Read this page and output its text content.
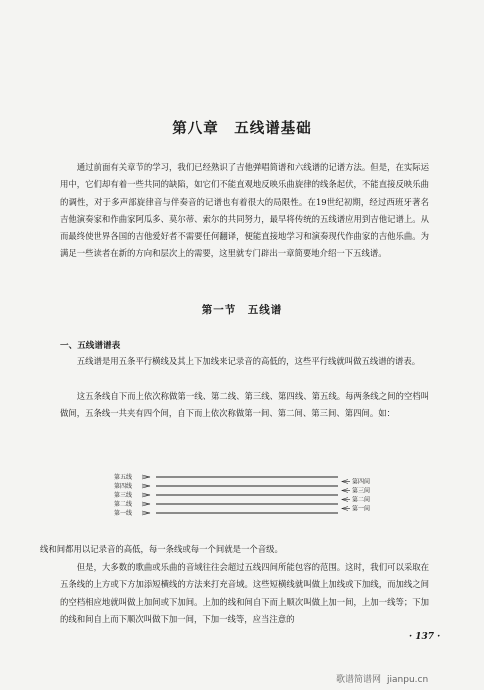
第八章　五线谱基础

通过前面有关章节的学习，我们已经熟识了吉他弹唱简谱和六线谱的记谱方法。但是，在实际运用中，它们却有着一些共同的缺陷，如它们不能直观地反映乐曲旋律的线条起伏，不能直接反映乐曲的调性，对于多声部旋律音与伴奏音的记谱也有着很大的局限性。在19世纪初期，经过西班牙著名吉他演奏家和作曲家阿瓜多、莫尔蒂、索尔的共同努力，最早将传统的五线谱应用到吉他记谱上。从而最终使世界各国的吉他爱好者不需要任何翻译，便能直接地学习和演奏现代作曲家的吉他乐曲。为满足一些读者在新的方向和层次上的需要，这里就专门辟出一章简要地介绍一下五线谱。

第一节　五线谱
一、五线谱谱表

五线谱是用五条平行横线及其上下加线来记录音的高低的，这些平行线就叫做五线谱的谱表。

这五条线自下而上依次称做第一线、第二线、第三线、第四线、第五线。每两条线之间的空档叫做间，五条线一共夹有四个间，自下而上依次称做第一间、第二间、第三间、第四间。如：

第五线
第四线
第三线
第二线
第一线
第四间
第三间
第二间
第一间

线和间都用以记录音的高低，每一条线或每一个间就是一个音级。

但是，大多数的歌曲或乐曲的音域往往会超过五线四间所能包容的范围。这时，我们可以采取在五条线的上方或下方加添短横线的方法来打充音域。这些短横线就叫做上加线或下加线，而加线之间的空档相应地就叫做上加间或下加间。上加的线和间自下而上顺次叫做上加一间，上加一线等；下加的线和间自上而下顺次叫做下加一间，下加一线等，应当注意的

· 137 ·

歌谱简谱网 jianpu.cn
